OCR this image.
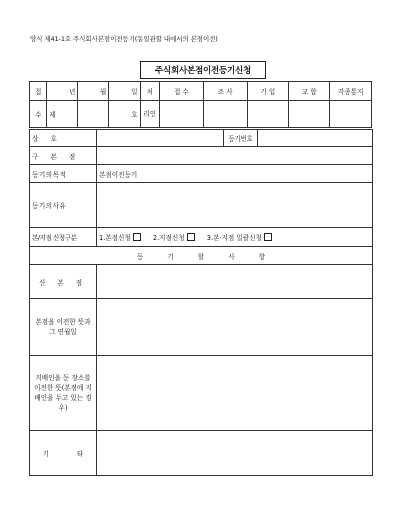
양식 제41-1호 주식회사본점이전등기(동일관할 내에서의 본점이전)
주식회사본점이전등기신청
접	년	월	일	처	접 수	조 사	기 입	교 합	각종통지
수	제		호	리인					
상 호		등기번호	
구 본 점			
등기의목적	본점이전등기		
등기의사유			
본/지점 신청구분	1.본점신청 2.지점신청 3.본·지점 일괄신청		
등 기 할 사 항			
신 본 점			
본점을 이전한 뜻과 그 연월일			
지배인을 둔 장소를 이전한 뜻(본점에 지배인을 두고 있는 경우)			
기 타			
